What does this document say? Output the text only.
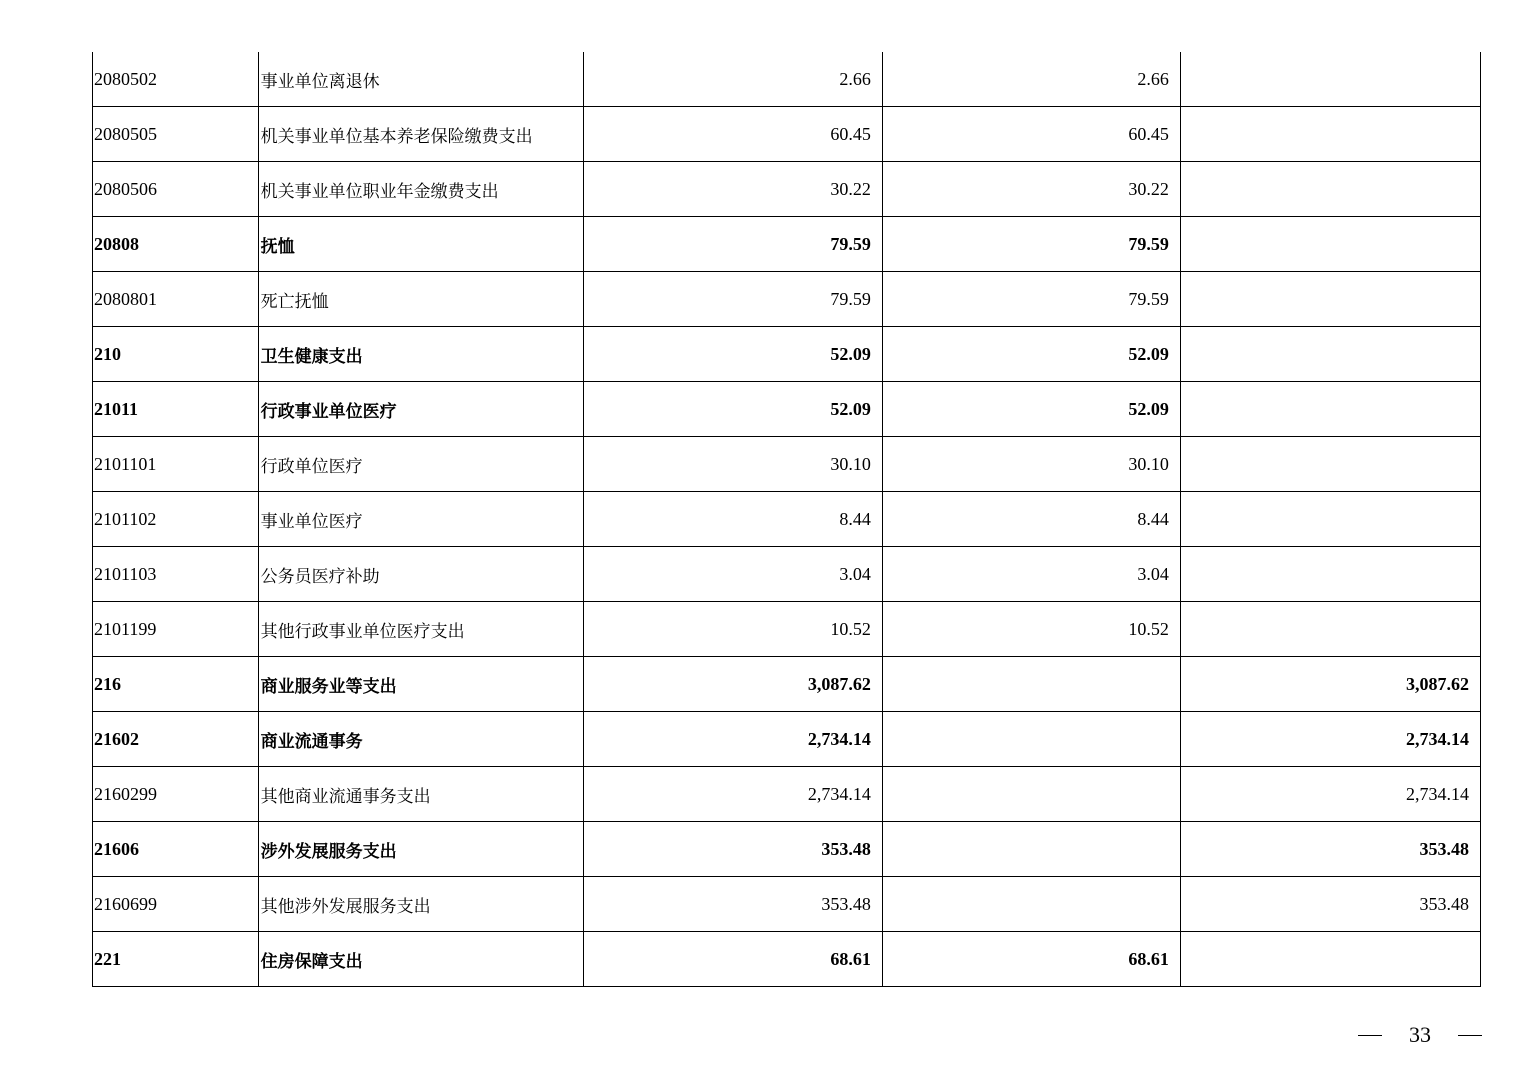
2080502	事业单位离退休	2.66	2.66	
2080505	机关事业单位基本养老保险缴费支出	60.45	60.45	
2080506	机关事业单位职业年金缴费支出	30.22	30.22	
20808	抚恤	79.59	79.59	
2080801	死亡抚恤	79.59	79.59	
210	卫生健康支出	52.09	52.09	
21011	行政事业单位医疗	52.09	52.09	
2101101	行政单位医疗	30.10	30.10	
2101102	事业单位医疗	8.44	8.44	
2101103	公务员医疗补助	3.04	3.04	
2101199	其他行政事业单位医疗支出	10.52	10.52	
216	商业服务业等支出	3,087.62		3,087.62
21602	商业流通事务	2,734.14		2,734.14
2160299	其他商业流通事务支出	2,734.14		2,734.14
21606	涉外发展服务支出	353.48		353.48
2160699	其他涉外发展服务支出	353.48		353.48
221	住房保障支出	68.61	68.61	
33
